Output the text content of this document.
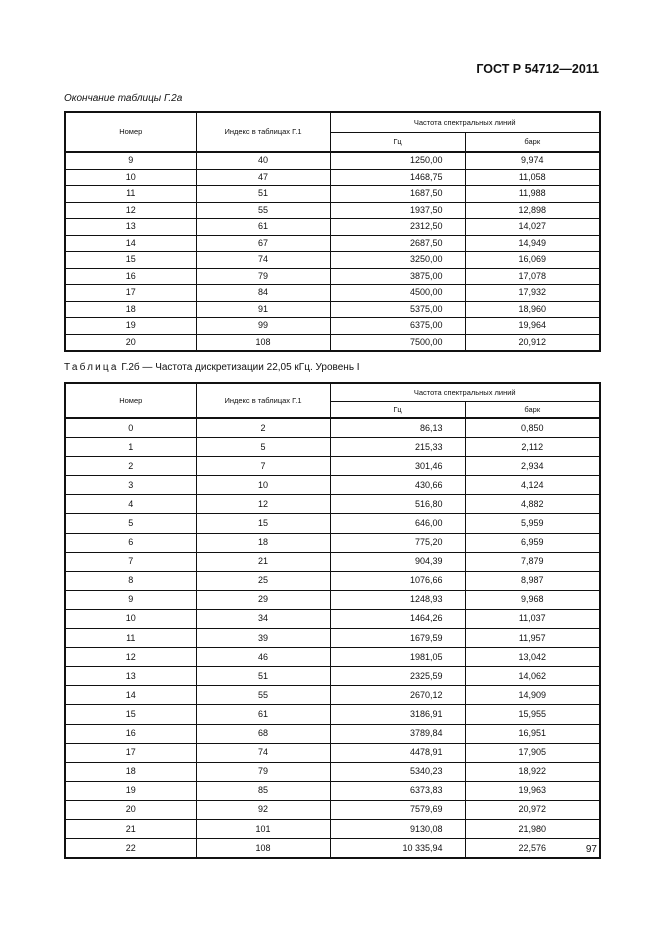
ГОСТ Р 54712—2011
Окончание таблицы Г.2а
Номер	Индекс в таблицах Г.1	Частота спектральных линий	
		Гц	барк
9	40	1250,00	9,974
10	47	1468,75	11,058
11	51	1687,50	11,988
12	55	1937,50	12,898
13	61	2312,50	14,027
14	67	2687,50	14,949
15	74	3250,00	16,069
16	79	3875,00	17,078
17	84	4500,00	17,932
18	91	5375,00	18,960
19	99	6375,00	19,964
20	108	7500,00	20,912
Таблица Г.2б — Частота дискретизации 22,05 кГц. Уровень I
Номер	Индекс в таблицах Г.1	Частота спектральных линий	
		Гц	барк
0	2	86,13	0,850
1	5	215,33	2,112
2	7	301,46	2,934
3	10	430,66	4,124
4	12	516,80	4,882
5	15	646,00	5,959
6	18	775,20	6,959
7	21	904,39	7,879
8	25	1076,66	8,987
9	29	1248,93	9,968
10	34	1464,26	11,037
11	39	1679,59	11,957
12	46	1981,05	13,042
13	51	2325,59	14,062
14	55	2670,12	14,909
15	61	3186,91	15,955
16	68	3789,84	16,951
17	74	4478,91	17,905
18	79	5340,23	18,922
19	85	6373,83	19,963
20	92	7579,69	20,972
21	101	9130,08	21,980
22	108	10 335,94	22,576	97
